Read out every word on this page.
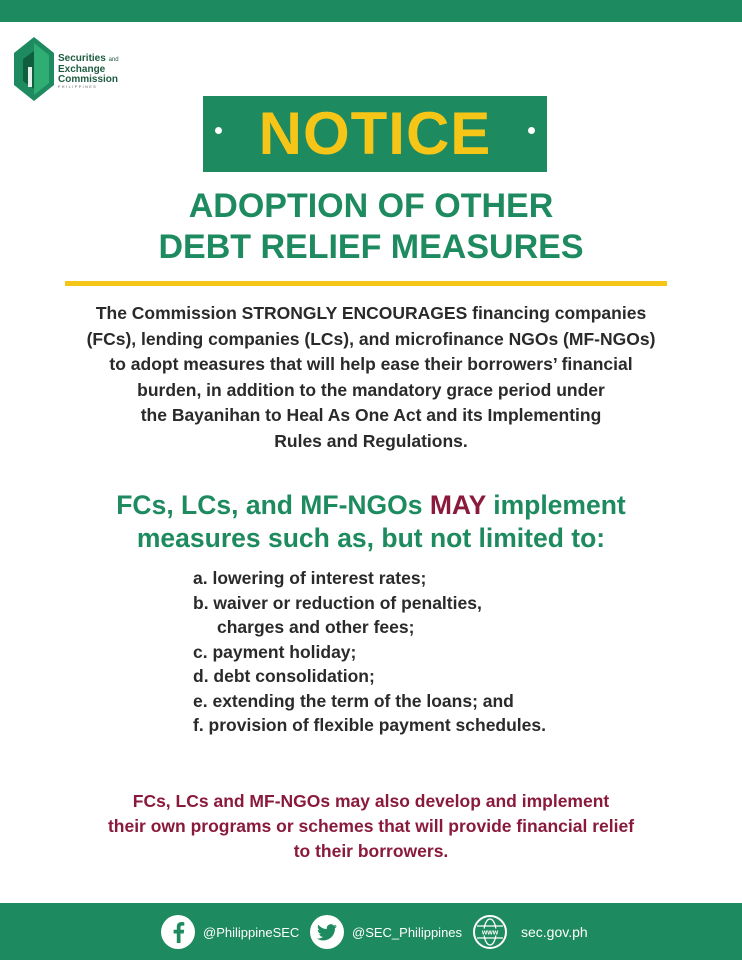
Securities and
Exchange
Commission
PHILIPPINES
NOTICE
ADOPTION OF OTHER
DEBT RELIEF MEASURES
The Commission STRONGLY ENCOURAGES financing companies
(FCs), lending companies (LCs), and microfinance NGOs (MF-NGOs)
to adopt measures that will help ease their borrowers’ financial
burden, in addition to the mandatory grace period under
the Bayanihan to Heal As One Act and its Implementing
Rules and Regulations.
FCs, LCs, and MF-NGOs MAY implement
measures such as, but not limited to:
a. lowering of interest rates;
b. waiver or reduction of penalties,
charges and other fees;
c. payment holiday;
d. debt consolidation;
e. extending the term of the loans; and
f. provision of flexible payment schedules.
FCs, LCs and MF-NGOs may also develop and implement
their own programs or schemes that will provide financial relief
to their borrowers.
@PhilippineSEC	@SEC_Philippines	www sec.gov.ph
